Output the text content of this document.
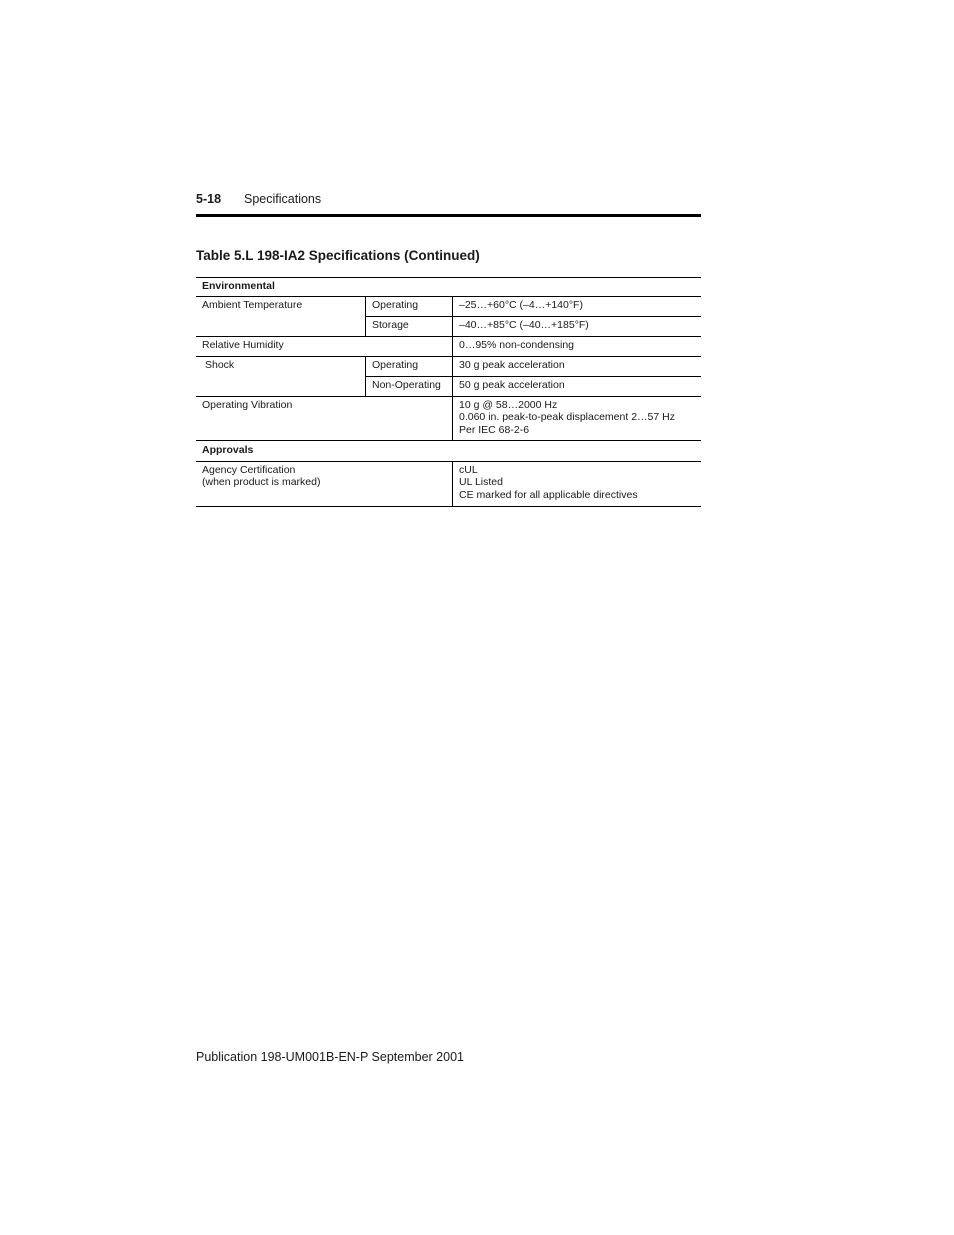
5-18	Specifications
Table 5.L 198-IA2 Specifications (Continued)
Environmental		
Ambient Temperature	Operating	–25…+60°C (–4…+140°F)
	Storage	–40…+85°C (–40…+185°F)
Relative Humidity		0…95% non-condensing
Shock	Operating	30 g peak acceleration
	Non-Operating	50 g peak acceleration
Operating Vibration		10 g @ 58…2000 Hz
0.060 in. peak-to-peak displacement 2…57 Hz
Per IEC 68-2-6

Approvals		

Agency Certification
(when product is marked)		cUL
UL Listed
CE marked for all applicable directives
Publication 198-UM001B-EN-P September 2001
